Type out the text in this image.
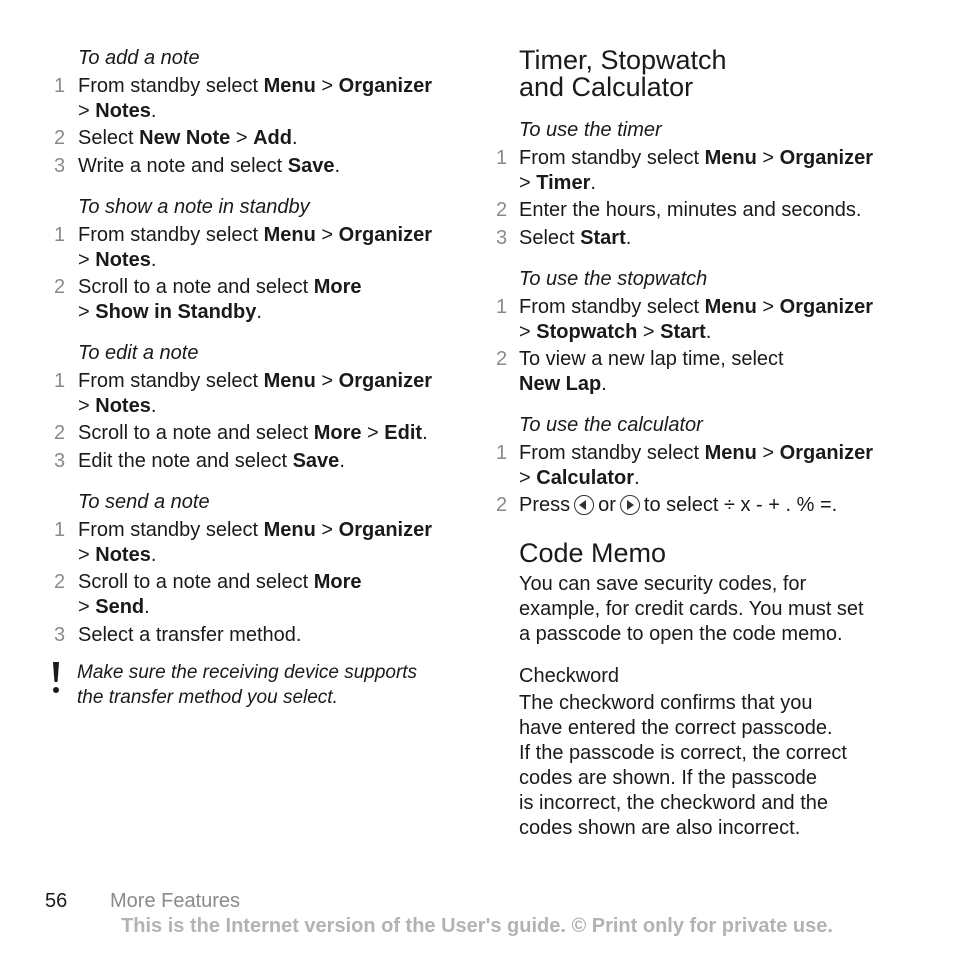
To add a note
1 From standby select Menu > Organizer
> Notes.
2 Select New Note > Add.
3 Write a note and select Save.
To show a note in standby
1 From standby select Menu > Organizer
> Notes.
2 Scroll to a note and select More
> Show in Standby.
To edit a note
1 From standby select Menu > Organizer
> Notes.
2 Scroll to a note and select More > Edit.
3 Edit the note and select Save.
To send a note
1 From standby select Menu > Organizer
> Notes.
2 Scroll to a note and select More
> Send.
3 Select a transfer method.
Make sure the receiving device supports
the transfer method you select.
Timer, Stopwatch
and Calculator
To use the timer
1 From standby select Menu > Organizer
> Timer.
2 Enter the hours, minutes and seconds.
3 Select Start.
To use the stopwatch
1 From standby select Menu > Organizer
> Stopwatch > Start.
2 To view a new lap time, select
New Lap.
To use the calculator
1 From standby select Menu > Organizer
> Calculator.
2 Press or to select ÷ x - + . % =.
Code Memo
You can save security codes, for
example, for credit cards. You must set
a passcode to open the code memo.
Checkword
The checkword confirms that you
have entered the correct passcode.
If the passcode is correct, the correct
codes are shown. If the passcode
is incorrect, the checkword and the
codes shown are also incorrect.
56 More Features
This is the Internet version of the User's guide. © Print only for private use.
